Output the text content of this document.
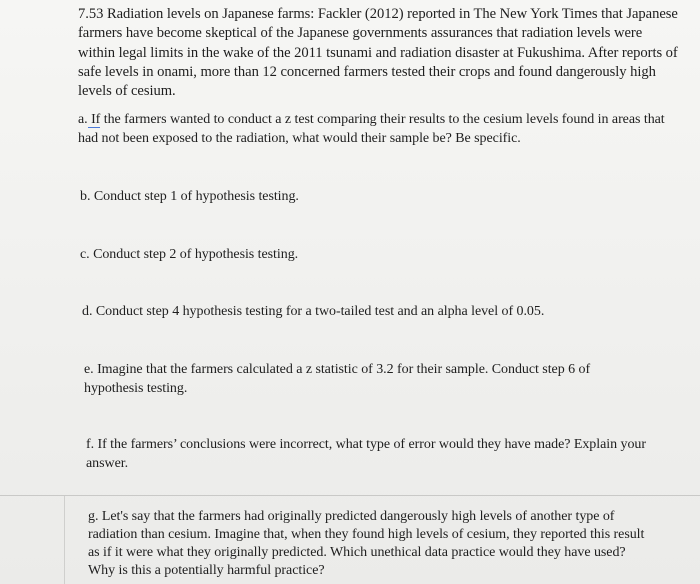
7.53 Radiation levels on Japanese farms: Fackler (2012) reported in The New York Times that Japanese farmers have become skeptical of the Japanese governments assurances that radiation levels were within legal limits in the wake of the 2011 tsunami and radiation disaster at Fukushima. After reports of safe levels in onami, more than 12 concerned farmers tested their crops and found dangerously high levels of cesium.

a. If the farmers wanted to conduct a z test comparing their results to the cesium levels found in areas that had not been exposed to the radiation, what would their sample be? Be specific.

b. Conduct step 1 of hypothesis testing.

c. Conduct step 2 of hypothesis testing.

d. Conduct step 4 hypothesis testing for a two-tailed test and an alpha level of 0.05.

e. Imagine that the farmers calculated a z statistic of 3.2 for their sample. Conduct step 6 of hypothesis testing.

f. If the farmers’ conclusions were incorrect, what type of error would they have made? Explain your answer.

g. Let's say that the farmers had originally predicted dangerously high levels of another type of radiation than cesium. Imagine that, when they found high levels of cesium, they reported this result as if it were what they originally predicted. Which unethical data practice would they have used? Why is this a potentially harmful practice?
